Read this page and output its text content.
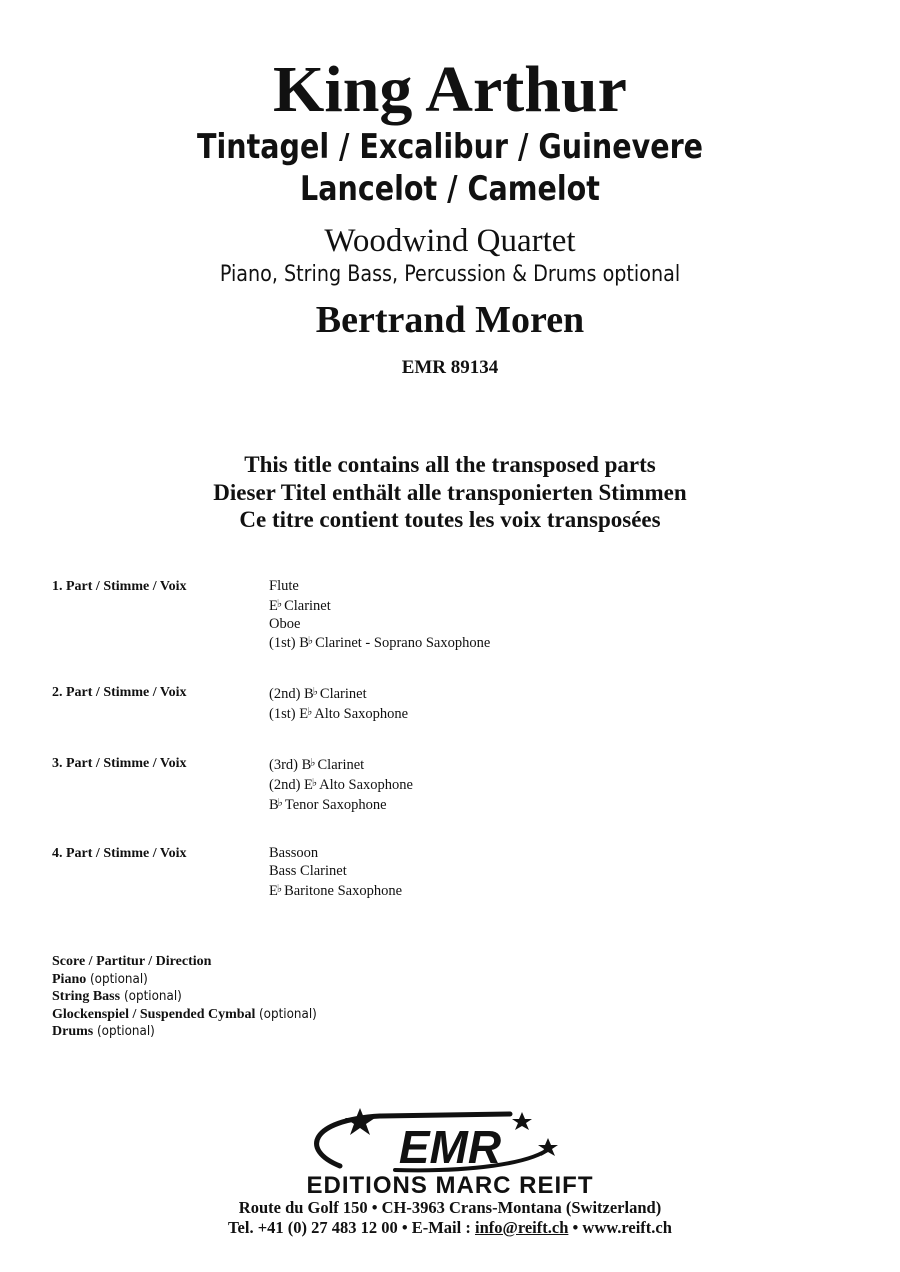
King Arthur
Tintagel / Excalibur / Guinevere
Lancelot / Camelot
Woodwind Quartet
Piano, String Bass, Percussion & Drums optional
Bertrand Moren
EMR 89134
This title contains all the transposed parts
Dieser Titel enthält alle transponierten Stimmen
Ce titre contient toutes les voix transposées
1. Part / Stimme / Voix	Flute
E♭ Clarinet
Oboe
(1st) B♭ Clarinet - Soprano Saxophone
2. Part / Stimme / Voix	(2nd) B♭ Clarinet
(1st) E♭ Alto Saxophone
3. Part / Stimme / Voix	(3rd) B♭ Clarinet
(2nd) E♭ Alto Saxophone
B♭ Tenor Saxophone
4. Part / Stimme / Voix	Bassoon
Bass Clarinet
E♭ Baritone Saxophone
Score / Partitur / Direction
Piano (optional)
String Bass (optional)
Glockenspiel / Suspended Cymbal (optional)
Drums (optional)
EMR
EDITIONS MARC REIFT
Route du Golf 150 • CH-3963 Crans-Montana (Switzerland)
Tel. +41 (0) 27 483 12 00 • E-Mail : info@reift.ch • www.reift.ch
